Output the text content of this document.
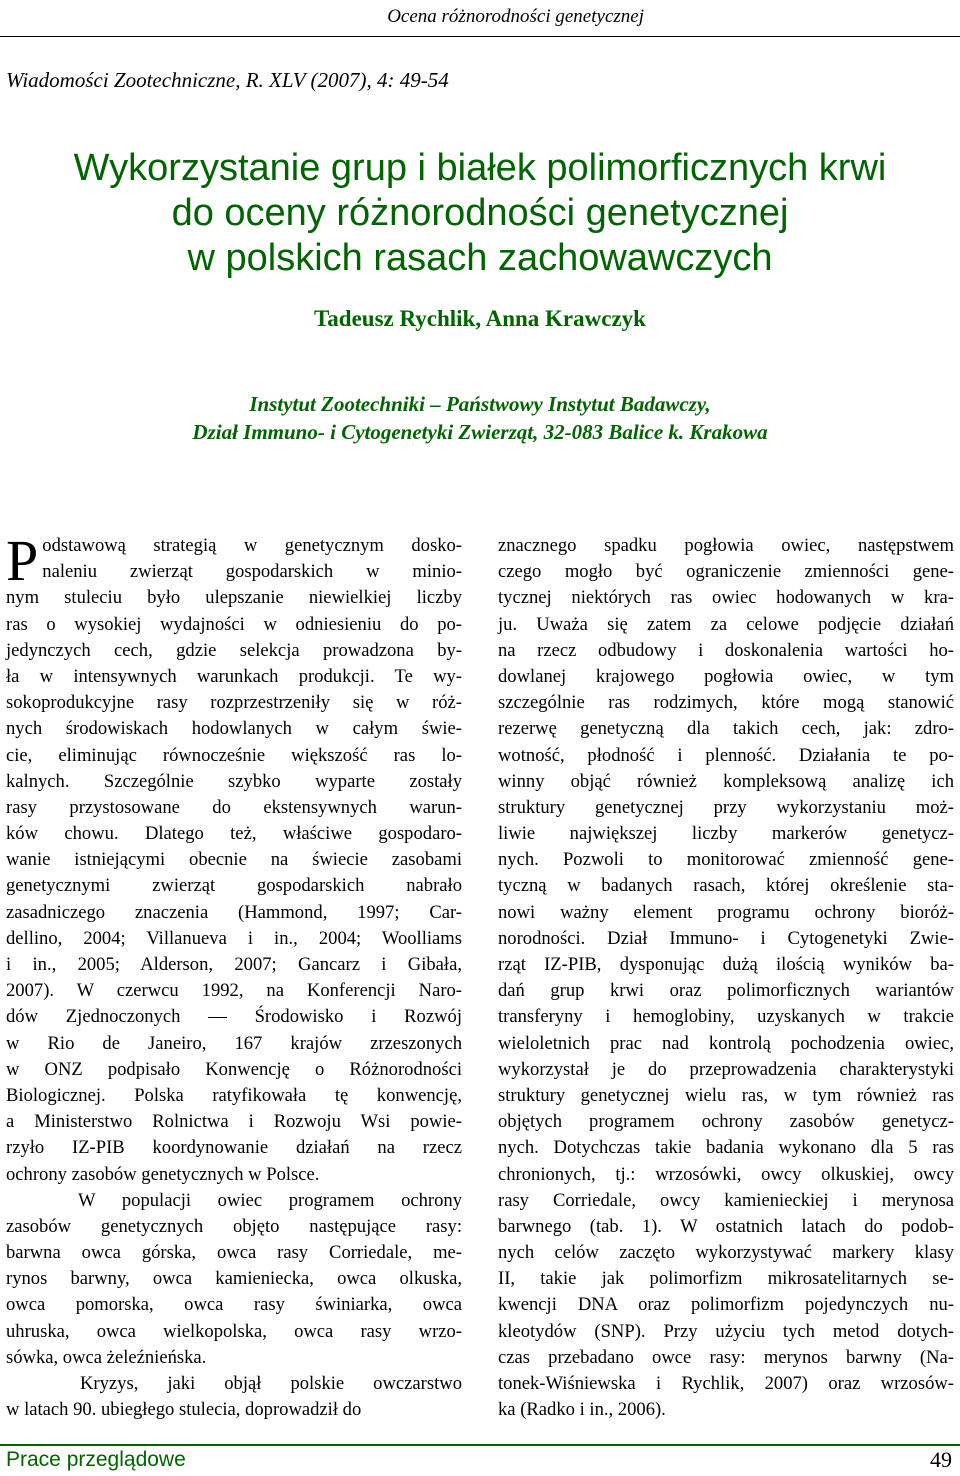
Ocena różnorodności genetycznej
Wiadomości Zootechniczne, R. XLV (2007), 4: 49-54
Wykorzystanie grup i białek polimorficznych krwi
do oceny różnorodności genetycznej
w polskich rasach zachowawczych
Tadeusz Rychlik, Anna Krawczyk
Instytut Zootechniki – Państwowy Instytut Badawczy,
Dział Immuno- i Cytogenetyki Zwierząt, 32-083 Balice k. Krakowa
P odstawową strategią w genetycznym dosko-
naleniu zwierząt gospodarskich w minio-
nym stuleciu było ulepszanie niewielkiej liczby
ras o wysokiej wydajności w odniesieniu do po-
jedynczych cech, gdzie selekcja prowadzona by-
ła w intensywnych warunkach produkcji. Te wy-
sokoprodukcyjne rasy rozprzestrzeniły się w róż-
nych środowiskach hodowlanych w całym świe-
cie, eliminując równocześnie większość ras lo-
kalnych. Szczególnie szybko wyparte zostały
rasy przystosowane do ekstensywnych warun-
ków chowu. Dlatego też, właściwe gospodaro-
wanie istniejącymi obecnie na świecie zasobami
genetycznymi zwierząt gospodarskich nabrało
zasadniczego znaczenia (Hammond, 1997; Car-
dellino, 2004; Villanueva i in., 2004; Woolliams
i in., 2005; Alderson, 2007; Gancarz i Gibała,
2007). W czerwcu 1992, na Konferencji Naro-
dów Zjednoczonych — Środowisko i Rozwój
w Rio de Janeiro, 167 krajów zrzeszonych
w ONZ podpisało Konwencję o Różnorodności
Biologicznej. Polska ratyfikowała tę konwencję,
a Ministerstwo Rolnictwa i Rozwoju Wsi powie-
rzyło IZ-PIB koordynowanie działań na rzecz
ochrony zasobów genetycznych w Polsce.
W populacji owiec programem ochrony
zasobów genetycznych objęto następujące rasy:
barwna owca górska, owca rasy Corriedale, me-
rynos barwny, owca kamieniecka, owca olkuska,
owca pomorska, owca rasy świniarka, owca
uhruska, owca wielkopolska, owca rasy wrzo-
sówka, owca żeleźnieńska.
Kryzys, jaki objął polskie owczarstwo
w latach 90. ubiegłego stulecia, doprowadził do
znacznego spadku pogłowia owiec, następstwem
czego mogło być ograniczenie zmienności gene-
tycznej niektórych ras owiec hodowanych w kra-
ju. Uważa się zatem za celowe podjęcie działań
na rzecz odbudowy i doskonalenia wartości ho-
dowlanej krajowego pogłowia owiec, w tym
szczególnie ras rodzimych, które mogą stanowić
rezerwę genetyczną dla takich cech, jak: zdro-
wotność, płodność i plenność. Działania te po-
winny objąć również kompleksową analizę ich
struktury genetycznej przy wykorzystaniu moż-
liwie największej liczby markerów genetycz-
nych. Pozwoli to monitorować zmienność gene-
tyczną w badanych rasach, której określenie sta-
nowi ważny element programu ochrony bioróż-
norodności. Dział Immuno- i Cytogenetyki Zwie-
rząt IZ-PIB, dysponując dużą ilością wyników ba-
dań grup krwi oraz polimorficznych wariantów
transferyny i hemoglobiny, uzyskanych w trakcie
wieloletnich prac nad kontrolą pochodzenia owiec,
wykorzystał je do przeprowadzenia charakterystyki
struktury genetycznej wielu ras, w tym również ras
objętych programem ochrony zasobów genetycz-
nych. Dotychczas takie badania wykonano dla 5 ras
chronionych, tj.: wrzosówki, owcy olkuskiej, owcy
rasy Corriedale, owcy kamienieckiej i merynosa
barwnego (tab. 1). W ostatnich latach do podob-
nych celów zaczęto wykorzystywać markery klasy
II, takie jak polimorfizm mikrosatelitarnych se-
kwencji DNA oraz polimorfizm pojedynczych nu-
kleotydów (SNP). Przy użyciu tych metod dotych-
czas przebadano owce rasy: merynos barwny (Na-
tonek-Wiśniewska i Rychlik, 2007) oraz wrzosów-
ka (Radko i in., 2006).
Prace przeglądowe	49
